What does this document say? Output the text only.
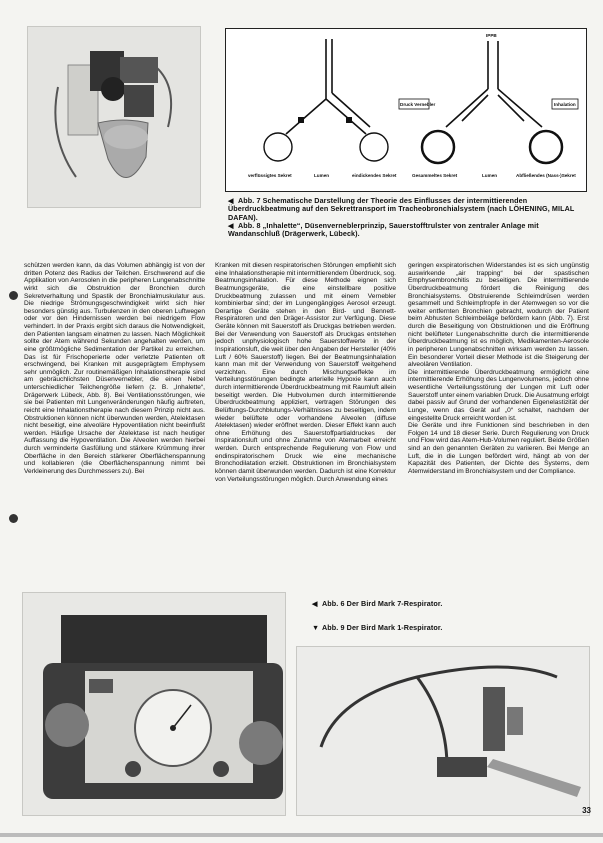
Druck Vernebler	Inhalation
IPPB
verflüssigtes Sekret	Lumen	eindickendes Sekret	Gesammeltes Sekret	Lumen	Abfließendes (Nass-)Sekret
◀ Abb. 7 Schematische Darstellung der Theorie des Einflusses der intermittierenden Überdruckbeatmung auf den Sekrettransport im Tracheobronchialsystem (nach LÖHENING, MILAL DAFAN).
◀ Abb. 8 „Inhalette“, Düsenverneblerprinzip, Sauerstofftrulster von zentraler Anlage mit Wandanschluß (Drägerwerk, Lübeck).

schützen werden kann, da das Volumen abhängig ist von der dritten Potenz des Radius der Teilchen. Erschwerend auf die Applikation von Aerosolen in die peripheren Lungenabschnitte wirkt sich die Obstruktion der Bronchien durch Sekretverhaltung und Spastik der Bronchialmuskulatur aus. Die niedrige Strömungsgeschwindigkeit wirkt sich hier besonders günstig aus. Turbulenzen in den oberen Luftwegen oder vor den Hindernissen werden bei niedrigem Flow verhindert. In der Praxis ergibt sich daraus die Notwendigkeit, den Patienten langsam einatmen zu lassen. Nach Möglichkeit sollte der Atem während Sekunden angehalten werden, um eine größtmögliche Sedimentation der Partikel zu erreichen. Das ist für Frischoperierte oder verletzte Patienten oft erschwingend, bei Kranken mit ausgeprägtem Emphysem sehr unmöglich. Zur routinemäßigen Inhalationstherapie sind am gebräuchlichsten Düsenvernebler, die einen Nebel unterschiedlicher Teilchengröße liefern (z. B. „Inhalette“, Drägerwerk Lübeck, Abb. 8). Bei Ventilationsstörungen, wie sie bei Patienten mit Lungenveränderungen häufig auftreten, reicht eine Inhalationstherapie nach diesem Prinzip nicht aus. Obstruktionen können nicht überwunden werden, Atelektasen nicht beseitigt, eine alveoläre Hypoventilation nicht beeinflußt werden. Häufige Ursache der Atelektase ist nach heutiger Auffassung die Hypoventilation. Die Alveolen werden hierbei durch verminderte Gasfüllung und stärkere Krümmung ihrer Oberfläche in den Bereich stärkerer Oberflächenspannung und kollabieren (die Oberflächenspannung nimmt bei Verkleinerung des Durchmessers zu). Bei

Kranken mit diesen respiratorischen Störungen empfiehlt sich eine Inhalationstherapie mit intermittierendem Überdruck, sog. Beatmungsinhalation. Für diese Methode eignen sich Beatmungsgeräte, die eine einstellbare positive Druckbeatmung zulassen und mit einem Vernebler kombinierbar sind; der im Lungengängiges Aerosol erzeugt. Derartige Geräte stehen in den Bird- und Bennett-Respiratoren und den Dräger-Assistor zur Verfügung. Diese Geräte können mit Sauerstoff als Druckgas betrieben werden. Bei der Verwendung von Sauerstoff als Druckgas entstehen jedoch unphysiologisch hohe Sauerstoffwerte in der Inspirationsluft, die weit über den Angaben der Hersteller (40% Luft / 60% Sauerstoff) liegen. Bei der Beatmungsinhalation kann man mit der Verwendung von Sauerstoff weitgehend verzichten. Eine durch Mischungseffekte im Verteilungsstörungen bedingte arterielle Hypoxie kann auch durch intermittierende Überdruckbeatmung mit Raumluft allein beseitigt werden. Die Hubvolumen durch intermittierende Überdruckbeatmung appliziert, vertragen Störungen des Belüftungs-Durchblutungs-Verhältnisses zu beseitigen, indem wieder belüftete oder vorhandene Alveolen (diffuse Atelektasen) wieder eröffnet werden. Dieser Effekt kann auch ohne Erhöhung des Sauerstoffpartialdruckes der Inspirationsluft und ohne Zunahme von Atemarbeit erreicht werden. Durch entsprechende Regulierung von Flow und endinspiratorischem Druck wie eine mechanische Bronchodilatation erzielt. Obstruktionen im Bronchialsystem können damit überwunden werden. Dadurch ist eine Korrektur von Verteilungsstörungen möglich. Durch Anwendung eines

geringen exspiratorischen Widerstandes ist es sich ungünstig auswirkende „air trapping“ bei der spastischen Emphysembronchitis zu beseitigen. Die intermittierende Überdruckbeatmung fördert die Reinigung des Bronchialsystems. Obstruierende Schleimdrüsen werden gesammelt und Schleimpfropfe in der Atemwegen so vor die weiter entfernten Bronchien gebracht, wodurch der Patient beim Abhusten Schleimbeläge befördern kann (Abb. 7). Erst durch die Beseitigung von Obstruktionen und die Eröffnung nicht belüfteter Lungenabschnitte durch die intermittierende Überdruckbeatmung ist es möglich, Medikamenten-Aerosole in peripheren Lungenabschnitten wirksam werden zu lassen. Ein besonderer Vorteil dieser Methode ist die Steigerung der alveolären Ventilation.

Die intermittierende Überdruckbeatmung ermöglicht eine intermittierende Erhöhung des Lungenvolumens, jedoch ohne wesentliche Verteilungsstörung der Lungen mit Luft oder Sauerstoff unter einem variablen Druck. Die Ausatmung erfolgt dabei passiv auf Grund der vorhandenen Eigenelastizität der Lunge, wenn das Gerät auf „0“ schaltet, nachdem der eingestellte Druck erreicht worden ist.

Die Geräte und ihre Funktionen sind beschrieben in den Folgen 14 und 18 dieser Serie. Durch Regulierung von Druck und Flow wird das Atem-Hub-Volumen reguliert. Beide Größen sind an den genannten Geräten zu variieren. Bei Menge an Luft, die in die Lungen befördert wird, hängt ab von der Kapazität des Patienten, der Dichte des Systems, dem Atemwiderstand im Bronchialsystem und der Compliance.

◀ Abb. 6 Der Bird Mark 7-Respirator.
▼ Abb. 9 Der Bird Mark 1-Respirator.
33
